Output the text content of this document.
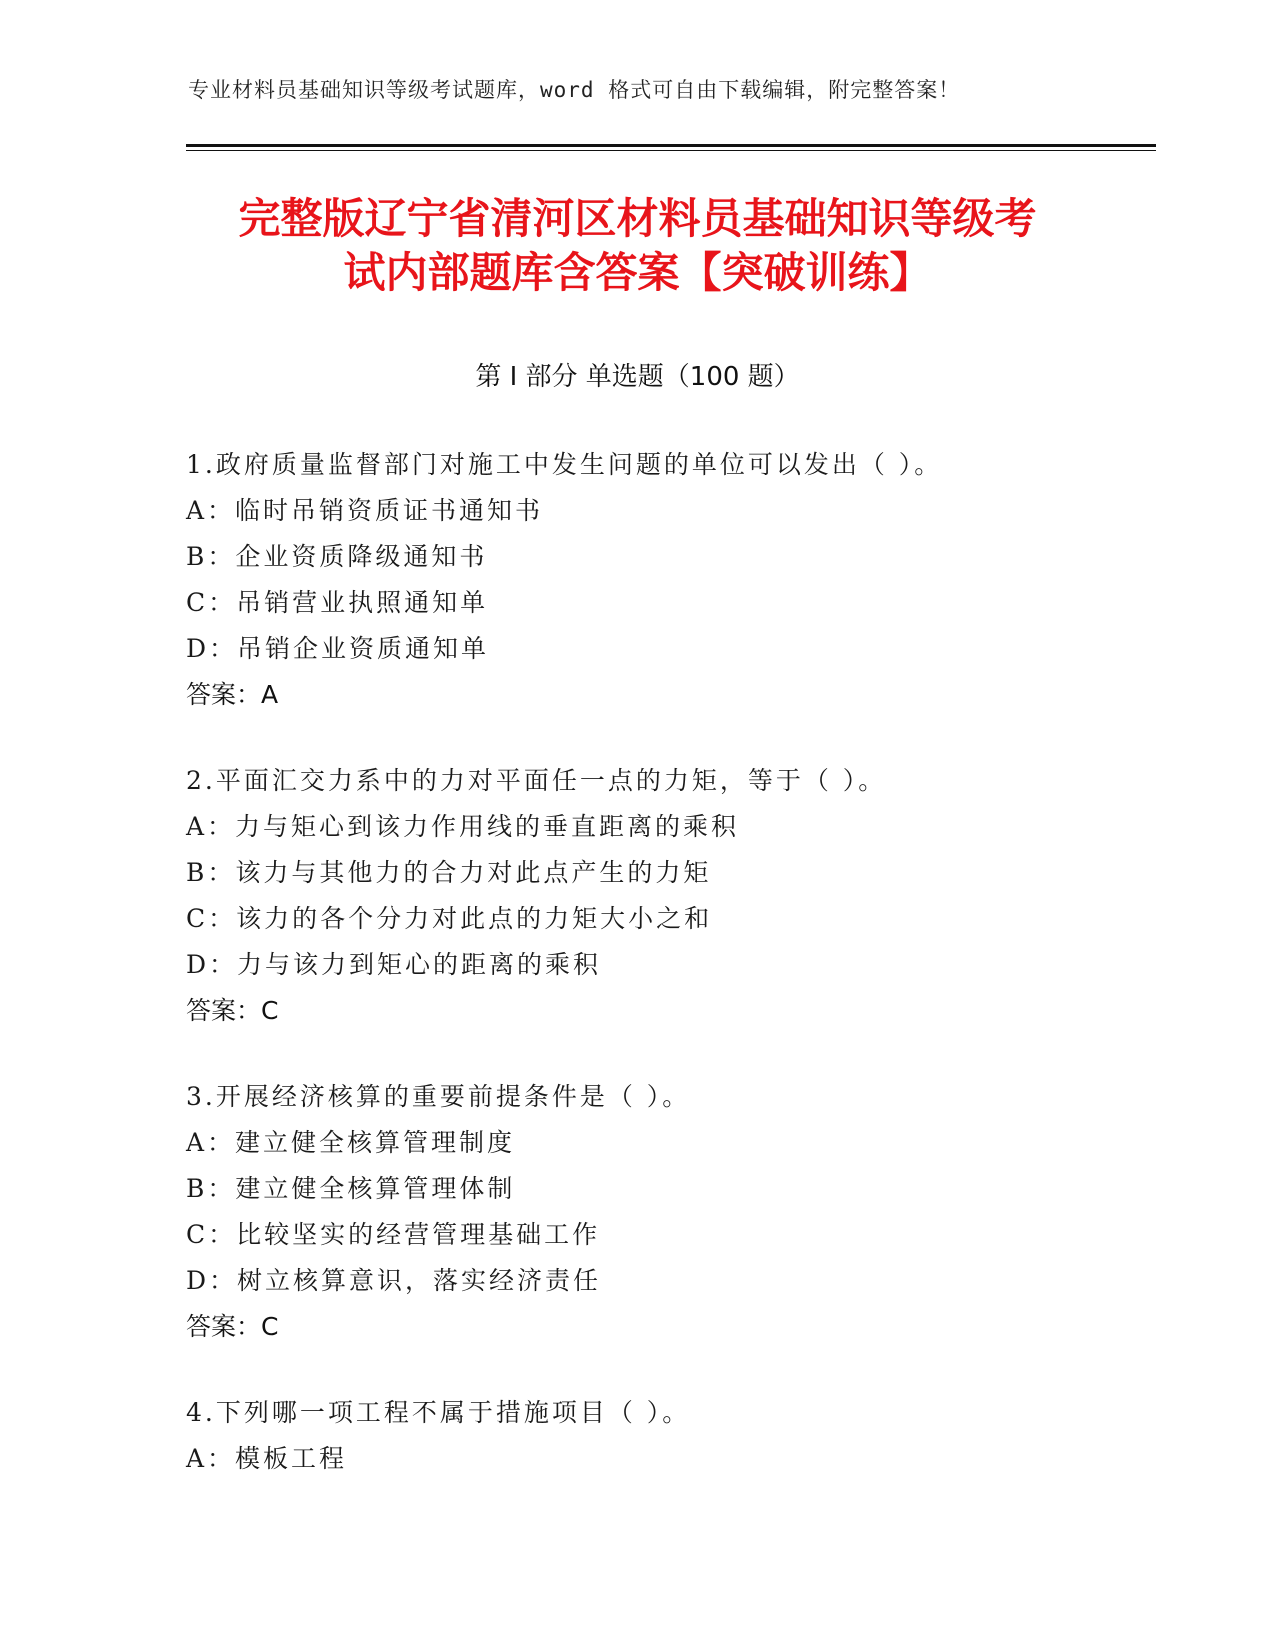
专业材料员基础知识等级考试题库，word 格式可自由下载编辑，附完整答案！
完整版辽宁省清河区材料员基础知识等级考
试内部题库含答案【突破训练】
第 I 部分 单选题（100 题）
1.政府质量监督部门对施工中发生问题的单位可以发出（ ）。
A：临时吊销资质证书通知书
B：企业资质降级通知书
C：吊销营业执照通知单
D：吊销企业资质通知单
答案：A
2.平面汇交力系中的力对平面任一点的力矩，等于（ ）。
A：力与矩心到该力作用线的垂直距离的乘积
B：该力与其他力的合力对此点产生的力矩
C：该力的各个分力对此点的力矩大小之和
D：力与该力到矩心的距离的乘积
答案：C
3.开展经济核算的重要前提条件是（ ）。
A：建立健全核算管理制度
B：建立健全核算管理体制
C：比较坚实的经营管理基础工作
D：树立核算意识，落实经济责任
答案：C
4.下列哪一项工程不属于措施项目（ ）。
A：模板工程
